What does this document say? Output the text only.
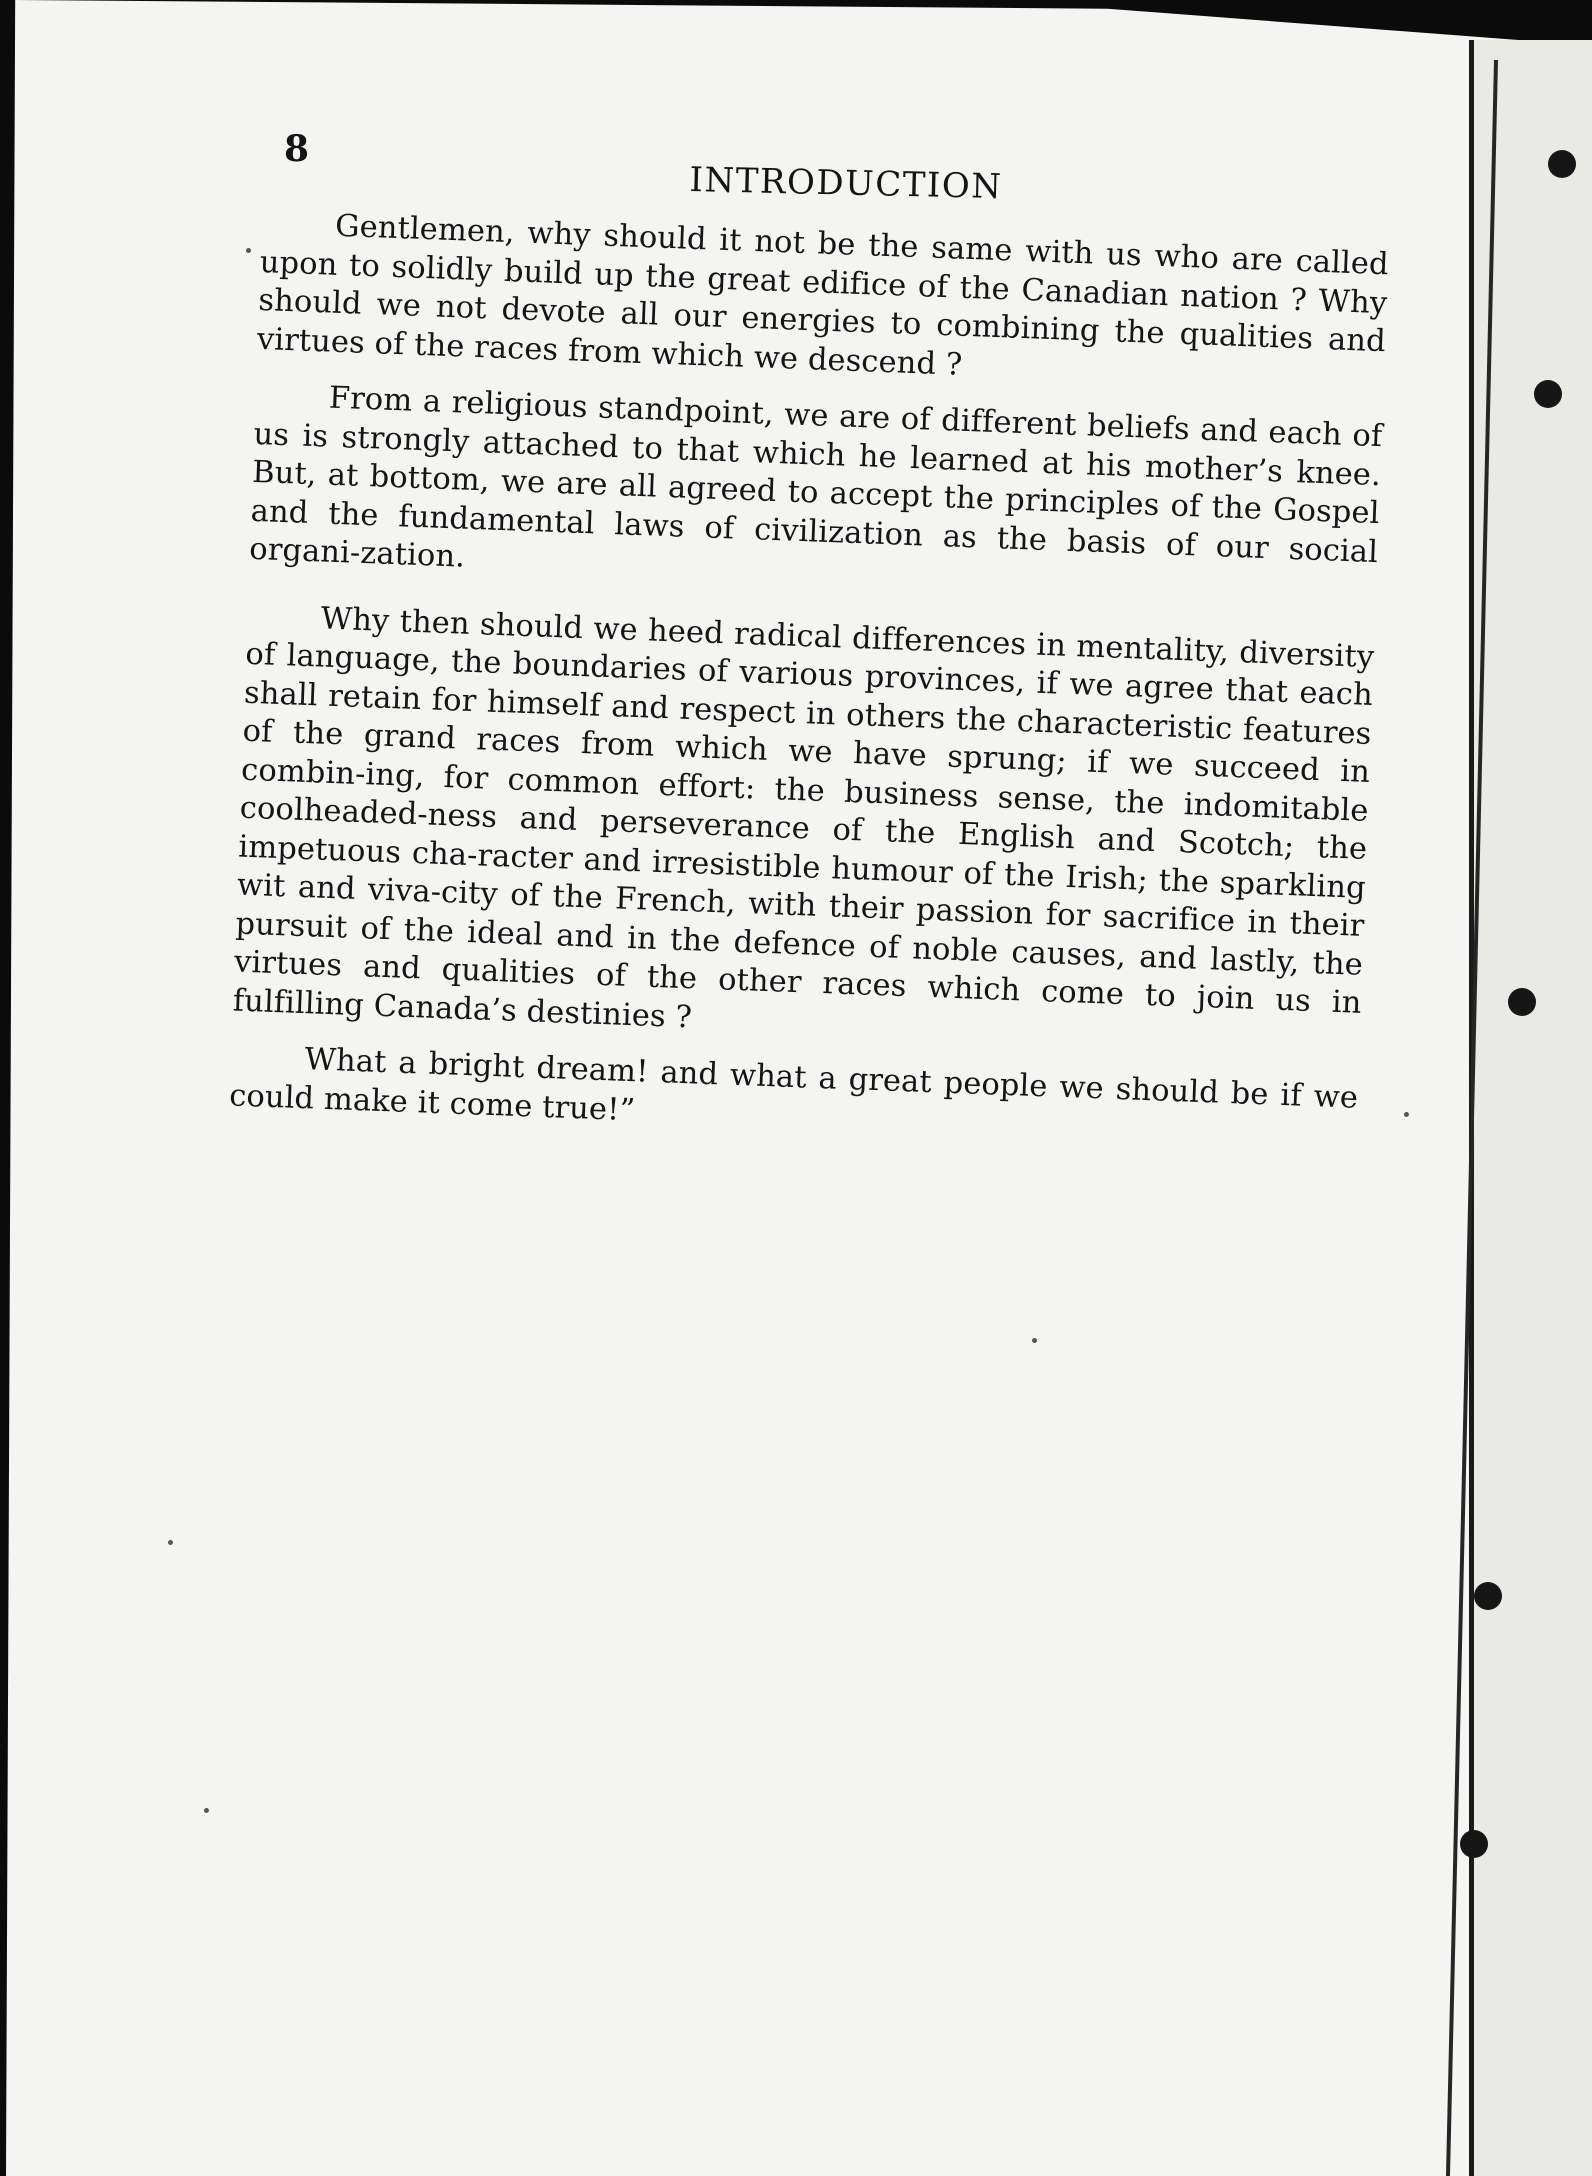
8
INTRODUCTION

Gentlemen, why should it not be the same with us who are called upon to solidly build up the great edifice of the Canadian nation ? Why should we not devote all our energies to combining the qualities and virtues of the races from which we descend ?

From a religious standpoint, we are of different beliefs and each of us is strongly attached to that which he learned at his mother’s knee. But, at bottom, we are all agreed to accept the principles of the Gospel and the fundamental laws of civilization as the basis of our social organi-zation.

Why then should we heed radical differences in mentality, diversity of language, the boundaries of various provinces, if we agree that each shall retain for himself and respect in others the characteristic features of the grand races from which we have sprung; if we succeed in combin-ing, for common effort: the business sense, the indomitable coolheaded-ness and perseverance of the English and Scotch; the impetuous cha-racter and irresistible humour of the Irish; the sparkling wit and viva-city of the French, with their passion for sacrifice in their pursuit of the ideal and in the defence of noble causes, and lastly, the virtues and qualities of the other races which come to join us in fulfilling Canada’s destinies ?

What a bright dream! and what a great people we should be if we could make it come true!”
